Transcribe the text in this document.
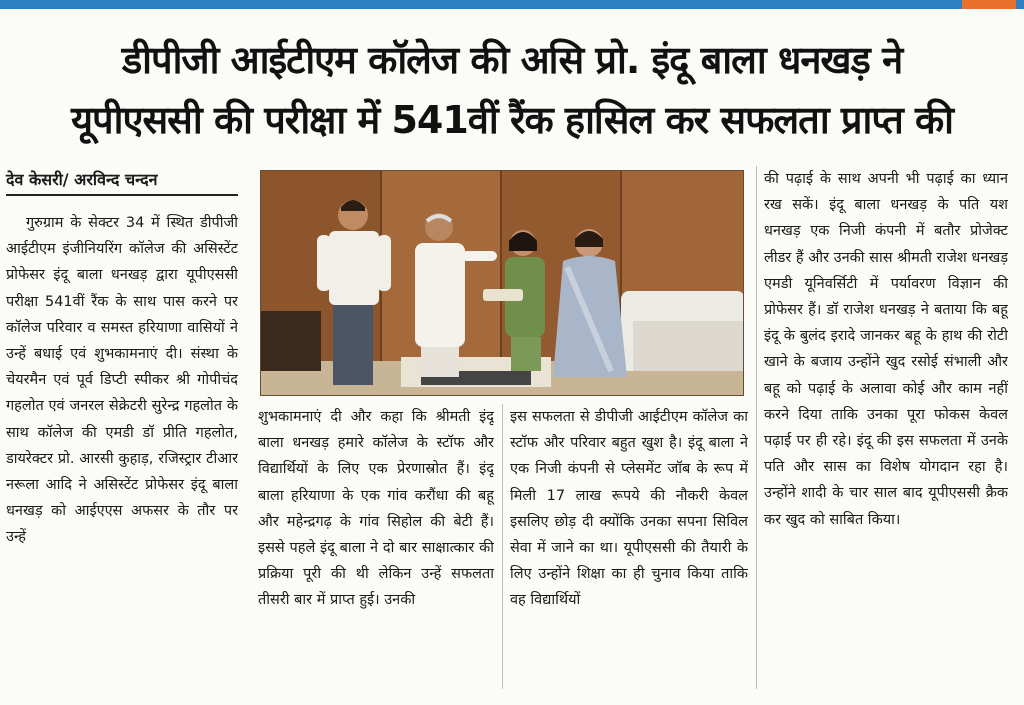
डीपीजी आईटीएम कॉलेज की असि प्रो. इंदू बाला धनखड़ ने
यूपीएससी की परीक्षा में 541वीं रैंक हासिल कर सफलता प्राप्त की
देव केसरी/ अरविन्द चन्दन

गुरुग्राम के सेक्टर 34 में स्थित डीपीजी आईटीएम इंजीनियरिंग कॉलेज की असिस्टेंट प्रोफेसर इंदू बाला धनखड़ द्वारा यूपीएससी परीक्षा 541वीं रैंक के साथ पास करने पर कॉलेज परिवार व समस्त हरियाणा वासियों ने उन्हें बधाई एवं शुभकामनाएं दी। संस्था के चेयरमैन एवं पूर्व डिप्टी स्पीकर श्री गोपीचंद गहलोत एवं जनरल सेक्रेटरी सुरेन्द्र गहलोत के साथ कॉलेज की एमडी डॉ प्रीति गहलोत, डायरेक्टर प्रो. आरसी कुहाड़, रजिस्ट्रार टीआर नरूला आदि ने असिस्टेंट प्रोफेसर इंदू बाला धनखड़ को आईएएस अफसर के तौर पर उन्हें

शुभकामनाएं दी और कहा कि श्रीमती इंदू बाला धनखड़ हमारे कॉलेज के स्टॉफ और विद्यार्थियों के लिए एक प्रेरणास्रोत हैं। इंदू बाला हरियाणा के एक गांव करौंधा की बहू और महेन्द्रगढ़ के गांव सिहोल की बेटी हैं। इससे पहले इंदू बाला ने दो बार साक्षात्कार की प्रक्रिया पूरी की थी लेकिन उन्हें सफलता तीसरी बार में प्राप्त हुई। उनकी

इस सफलता से डीपीजी आईटीएम कॉलेज का स्टॉफ और परिवार बहुत खुश है। इंदू बाला ने एक निजी कंपनी से प्लेसमेंट जॉब के रूप में मिली 17 लाख रूपये की नौकरी केवल इसलिए छोड़ दी क्योंकि उनका सपना सिविल सेवा में जाने का था। यूपीएससी की तैयारी के लिए उन्होंने शिक्षा का ही चुनाव किया ताकि वह विद्यार्थियों

की पढ़ाई के साथ अपनी भी पढ़ाई का ध्यान रख सकें। इंदू बाला धनखड़ के पति यश धनखड़ एक निजी कंपनी में बतौर प्रोजेक्ट लीडर हैं और उनकी सास श्रीमती राजेश धनखड़ एमडी यूनिवर्सिटी में पर्यावरण विज्ञान की प्रोफेसर हैं। डॉ राजेश धनखड़ ने बताया कि बहू इंदू के बुलंद इरादे जानकर बहू के हाथ की रोटी खाने के बजाय उन्होंने खुद रसोई संभाली और बहू को पढ़ाई के अलावा कोई और काम नहीं करने दिया ताकि उनका पूरा फोकस केवल पढ़ाई पर ही रहे। इंदू की इस सफलता में उनके पति और सास का विशेष योगदान रहा है। उन्होंने शादी के चार साल बाद यूपीएससी क्रैक कर खुद को साबित किया।
